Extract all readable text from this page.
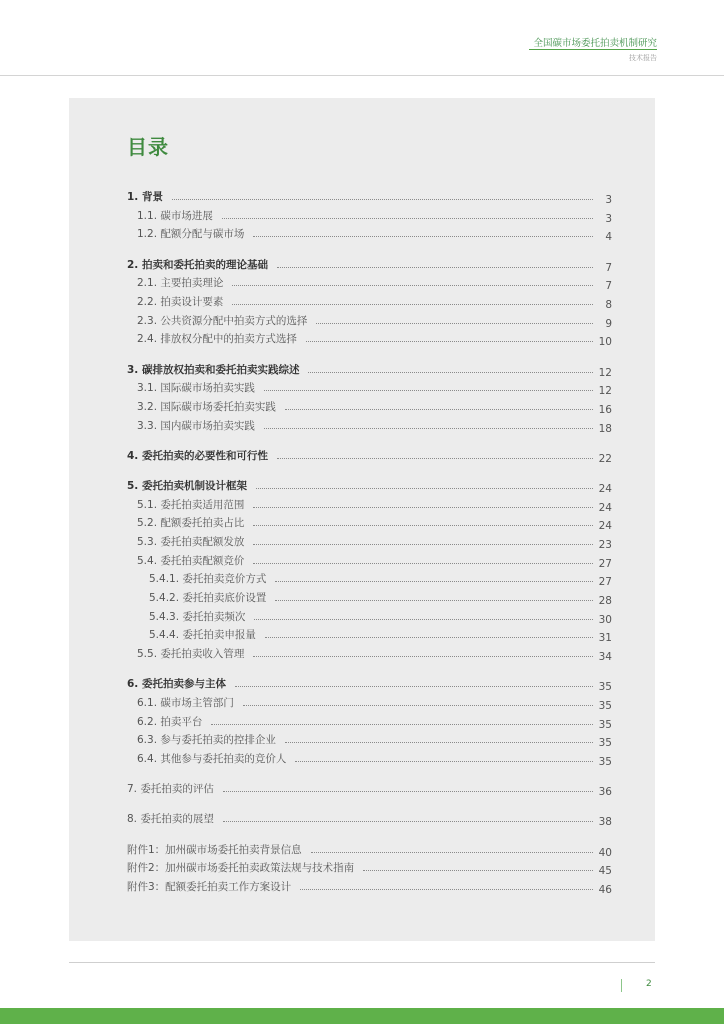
全国碳市场委托拍卖机制研究
技术报告
目录
1. 背景	3
1.1. 碳市场进展	3
1.2. 配额分配与碳市场	4
2. 拍卖和委托拍卖的理论基础	7
2.1. 主要拍卖理论	7
2.2. 拍卖设计要素	8
2.3. 公共资源分配中拍卖方式的选择	9
2.4. 排放权分配中的拍卖方式选择	10
3. 碳排放权拍卖和委托拍卖实践综述	12
3.1. 国际碳市场拍卖实践	12
3.2. 国际碳市场委托拍卖实践	16
3.3. 国内碳市场拍卖实践	18
4. 委托拍卖的必要性和可行性	22
5. 委托拍卖机制设计框架	24
5.1. 委托拍卖适用范围	24
5.2. 配额委托拍卖占比	24
5.3. 委托拍卖配额发放	23
5.4. 委托拍卖配额竞价	27
5.4.1. 委托拍卖竞价方式	27
5.4.2. 委托拍卖底价设置	28
5.4.3. 委托拍卖频次	30
5.4.4. 委托拍卖申报量	31
5.5. 委托拍卖收入管理	34
6. 委托拍卖参与主体	35
6.1. 碳市场主管部门	35
6.2. 拍卖平台	35
6.3. 参与委托拍卖的控排企业	35
6.4. 其他参与委托拍卖的竞价人	35
7. 委托拍卖的评估	36
8. 委托拍卖的展望	38
附件1：加州碳市场委托拍卖背景信息	40
附件2：加州碳市场委托拍卖政策法规与技术指南	45
附件3：配额委托拍卖工作方案设计	46
2
